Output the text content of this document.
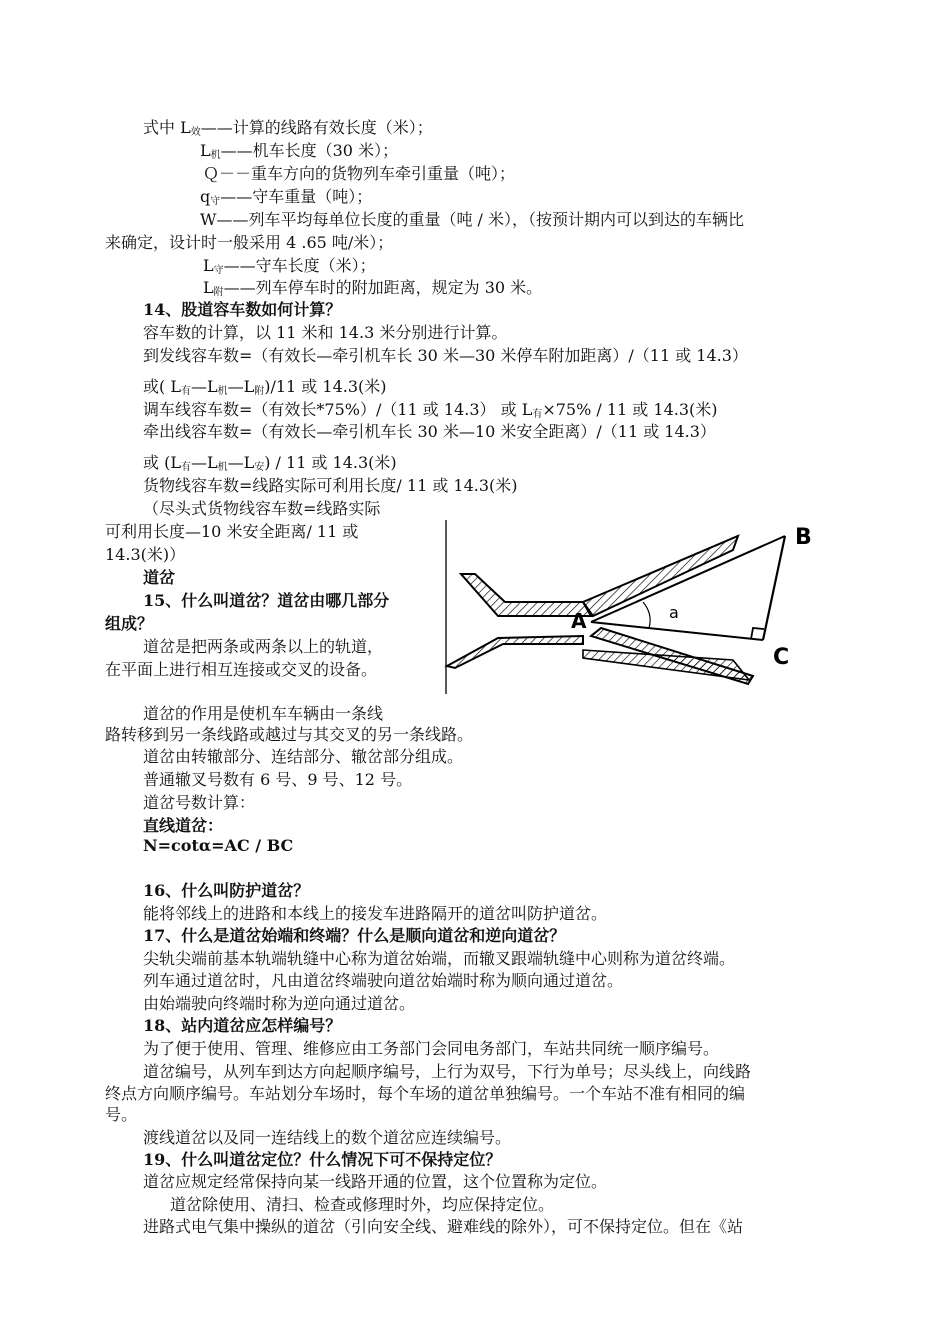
式中 $L_效——$计算的线路有效长度（米）；
$L_机——$机车长度（30 米）；
Ｑ－－重车方向的货物列车牵引重量（吨）；
$q_守——$守车重量（吨）；
W——列车平均每单位长度的重量（吨 / 米），（按预计期内可以到达的车辆比
来确定，设计时一般采用 4 .65 吨/米）；
$L_守——$守车长度（米）；
$L_附——$列车停车时的附加距离，规定为 30 米。
14、股道容车数如何计算？
容车数的计算，以 11 米和 14.3 米分别进行计算。
到发线容车数=（有效长—牵引机车长 30 米—30 米停车附加距离）/（11 或 14.3）
或( $L_有—L_机—L_附)/11$ 或 14.3(米)
调车线容车数=（有效长*75%）/（11 或 14.3） 或 $L_有\times 75\% / 11$ 或 14.3(米)
牵出线容车数=（有效长—牵引机车长 30 米—10 米安全距离）/（11 或 14.3）
或 $(L_有—L_机—L_安) / 11$ 或 14.3(米)
货物线容车数=线路实际可利用长度/ 11 或 14.3(米)
（尽头式货物线容车数=线路实际
可利用长度—10 米安全距离/ 11 或
14.3(米)）
道岔
15、什么叫道岔？道岔由哪几部分
组成？
道岔是把两条或两条以上的轨道，
在平面上进行相互连接或交叉的设备。
道岔的作用是使机车车辆由一条线
路转移到另一条线路或越过与其交叉的另一条线路。
道岔由转辙部分、连结部分、辙岔部分组成。
普通辙叉号数有 6 号、9 号、12 号。
道岔号数计算：
直线道岔：
N=cotα=AC / BC
A
B
C
a
16、什么叫防护道岔？
能将邻线上的进路和本线上的接发车进路隔开的道岔叫防护道岔。
17、什么是道岔始端和终端？什么是顺向道岔和逆向道岔？
尖轨尖端前基本轨端轨缝中心称为道岔始端，而辙叉跟端轨缝中心则称为道岔终端。
列车通过道岔时，凡由道岔终端驶向道岔始端时称为顺向通过道岔。
由始端驶向终端时称为逆向通过道岔。
18、站内道岔应怎样编号？
为了便于使用、管理、维修应由工务部门会同电务部门，车站共同统一顺序编号。
道岔编号，从列车到达方向起顺序编号，上行为双号，下行为单号；尽头线上，向线路
终点方向顺序编号。车站划分车场时，每个车场的道岔单独编号。一个车站不准有相同的编
号。
渡线道岔以及同一连结线上的数个道岔应连续编号。
19、什么叫道岔定位？什么情况下可不保持定位？
道岔应规定经常保持向某一线路开通的位置，这个位置称为定位。
道岔除使用、清扫、检查或修理时外，均应保持定位。
进路式电气集中操纵的道岔（引向安全线、避难线的除外），可不保持定位。但在《站
